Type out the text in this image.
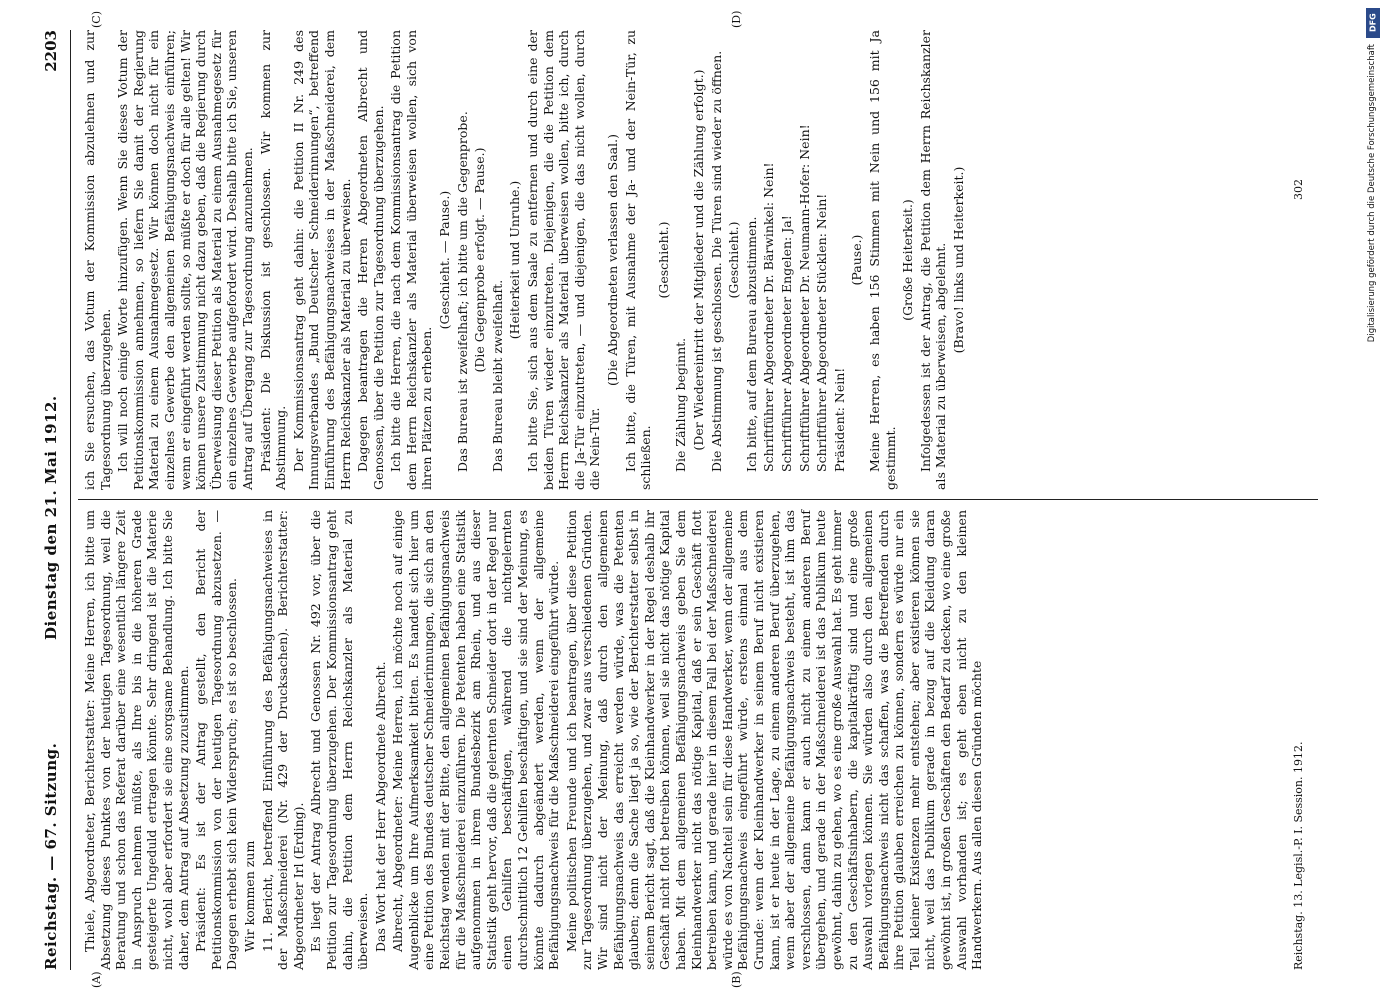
Reichstag. — 67. Sitzung.
Dienstag den 21. Mai 1912.
2203
(A)	(B)
(C)	(D)

Thiele, Abgeordneter, Berichterstatter: Meine Herren, ich bitte um Absetzung dieses Punktes von der heutigen Tagesordnung, weil die Beratung und schon das Referat darüber eine wesentlich längere Zeit in Anspruch nehmen müßte, als Ihre bis in die höheren Grade gesteigerte Ungeduld ertragen könnte. Sehr dringend ist die Materie nicht, wohl aber erfordert sie eine sorgsame Behandlung. Ich bitte Sie daher, dem Antrag auf Absetzung zuzustimmen. Präsident: Es ist der Antrag gestellt, den Bericht der Petitionskommission von der heutigen Tagesordnung abzusetzen. — Dagegen erhebt sich kein Widerspruch; es ist so beschlossen. Wir kommen zum 11. Bericht, betreffend Einführung des Befähigungsnachweises in der Maßschneiderei (Nr. 429 der Drucksachen). Berichterstatter: Abgeordneter Irl (Erding). Es liegt der Antrag Albrecht und Genossen Nr. 492 vor, über die Petition zur Tagesordnung überzugehen. Der Kommissionsantrag geht dahin, die Petition dem Herrn Reichskanzler als Material zu überweisen. Das Wort hat der Herr Abgeordnete Albrecht. Albrecht, Abgeordneter: Meine Herren, ich möchte noch auf einige Augenblicke um Ihre Aufmerksamkeit bitten. Es handelt sich hier um eine Petition des Bundes deutscher Schneiderinnungen, die sich an den Reichstag wenden mit der Bitte, den allgemeinen Befähigungsnachweis für die Maßschneiderei einzuführen. Die Petenten haben eine Statistik aufgenommen in ihrem Bundesbezirk am Rhein, und aus dieser Statistik geht hervor, daß die gelernten Schneider dort in der Regel nur einen Gehilfen beschäftigen, während die nichtgelernten durchschnittlich 12 Gehilfen beschäftigen, und sie sind der Meinung, es könnte dadurch abgeändert werden, wenn der allgemeine Befähigungsnachweis für die Maßschneiderei eingeführt würde. Meine politischen Freunde und ich beantragen, über diese Petition zur Tagesordnung überzugehen, und zwar aus verschiedenen Gründen. Wir sind nicht der Meinung, daß durch den allgemeinen Befähigungsnachweis das erreicht werden würde, was die Petenten glauben; denn die Sache liegt ja so, wie der Berichterstatter selbst in seinem Bericht sagt, daß die Kleinhandwerker in der Regel deshalb ihr Geschäft nicht flott betreiben können, weil sie nicht das nötige Kapital haben. Mit dem allgemeinen Befähigungsnachweis geben Sie dem Kleinhandwerker nicht das nötige Kapital, daß er sein Geschäft flott betreiben kann, und gerade hier in diesem Fall bei der Maßschneiderei würde es von Nachteil sein für diese Handwerker, wenn der allgemeine Befähigungsnachweis eingeführt würde, erstens einmal aus dem Grunde: wenn der Kleinhandwerker in seinem Beruf nicht existieren kann, ist er heute in der Lage, zu einem anderen Beruf überzugehen, wenn aber der allgemeine Befähigungsnachweis besteht, ist ihm das verschlossen, dann kann er auch nicht zu einem anderen Beruf übergehen, und gerade in der Maßschneiderei ist das Publikum heute gewöhnt, dahin zu gehen, wo es eine große Auswahl hat. Es geht immer zu den Geschäftsinhabern, die kapitalkräftig sind und eine große Auswahl vorlegen können. Sie würden also durch den allgemeinen Befähigungsnachweis nicht das schaffen, was die Betreffenden durch ihre Petition glauben erreichen zu können, sondern es würde nur ein Teil kleiner Existenzen mehr entstehen; aber existieren können sie nicht, weil das Publikum gerade in bezug auf die Kleidung daran gewöhnt ist, in großen Geschäften den Bedarf zu decken, wo eine große Auswahl vorhanden ist; es geht eben nicht zu den kleinen Handwerkern. Aus allen diesen Gründen möchte

ich Sie ersuchen, das Votum der Kommission abzulehnen und zur Tagesordnung überzugehen. Ich will noch einige Worte hinzufügen. Wenn Sie dieses Votum der Petitionskommission annehmen, so liefern Sie damit der Regierung Material zu einem Ausnahmegesetz. Wir können doch nicht für ein einzelnes Gewerbe den allgemeinen Befähigungsnachweis einführen; wenn er eingeführt werden sollte, so müßte er doch für alle gelten! Wir können unsere Zustimmung nicht dazu geben, daß die Regierung durch Überweisung dieser Petition als Material zu einem Ausnahmegesetz für ein einzelnes Gewerbe aufgefordert wird. Deshalb bitte ich Sie, unseren Antrag auf Übergang zur Tagesordnung anzunehmen. Präsident: Die Diskussion ist geschlossen. Wir kommen zur Abstimmung. Der Kommissionsantrag geht dahin: die Petition II Nr. 249 des Innungsverbandes „Bund Deutscher Schneiderinnungen“, betreffend Einführung des Befähigungsnachweises in der Maßschneiderei, dem Herrn Reichskanzler als Material zu überweisen. Dagegen beantragen die Herren Abgeordneten Albrecht und Genossen, über die Petition zur Tagesordnung überzugehen. Ich bitte die Herren, die nach dem Kommissionsantrag die Petition dem Herrn Reichskanzler als Material überweisen wollen, sich von ihren Plätzen zu erheben.

(Geschieht. — Pause.) Das Bureau ist zweifelhaft; ich bitte um die Gegenprobe. (Die Gegenprobe erfolgt. — Pause.)

Das Bureau bleibt zweifelhaft.

(Heiterkeit und Unruhe.) Ich bitte Sie, sich aus dem Saale zu entfernen und durch eine der beiden Türen wieder einzutreten. Diejenigen, die die Petition dem Herrn Reichskanzler als Material überweisen wollen, bitte ich, durch die Ja-Tür einzutreten, — und diejenigen, die das nicht wollen, durch die Nein-Tür.

(Die Abgeordneten verlassen den Saal.) Ich bitte, die Türen, mit Ausnahme der Ja- und der Nein-Tür, zu schließen.

(Geschieht.)

Die Zählung beginnt. (Der Wiedereintritt der Mitglieder und die Zählung erfolgt.) Die Abstimmung ist geschlossen. Die Türen sind wieder zu öffnen. (Geschieht.) Ich bitte, auf dem Bureau abzustimmen. Schriftführer Abgeordneter Dr. Bärwinkel: Nein! Schriftführer Abgeordneter Engelen: Ja! Schriftführer Abgeordneter Dr. Neumann-Hofer: Nein! Schriftführer Abgeordneter Stücklen: Nein! Präsident: Nein!

(Pause.) Meine Herren, es haben 156 Stimmen mit Nein und 156 mit Ja gestimmt.

(Große Heiterkeit.) Infolgedessen ist der Antrag, die Petition dem Herrn Reichskanzler als Material zu überweisen, abgelehnt. (Bravo! links und Heiterkeit.)

Reichstag. 13. Legisl.-P. I. Session. 1912.
302	Digitalisierung gefördert durch die Deutsche Forschungsgemeinschaft
DFG
